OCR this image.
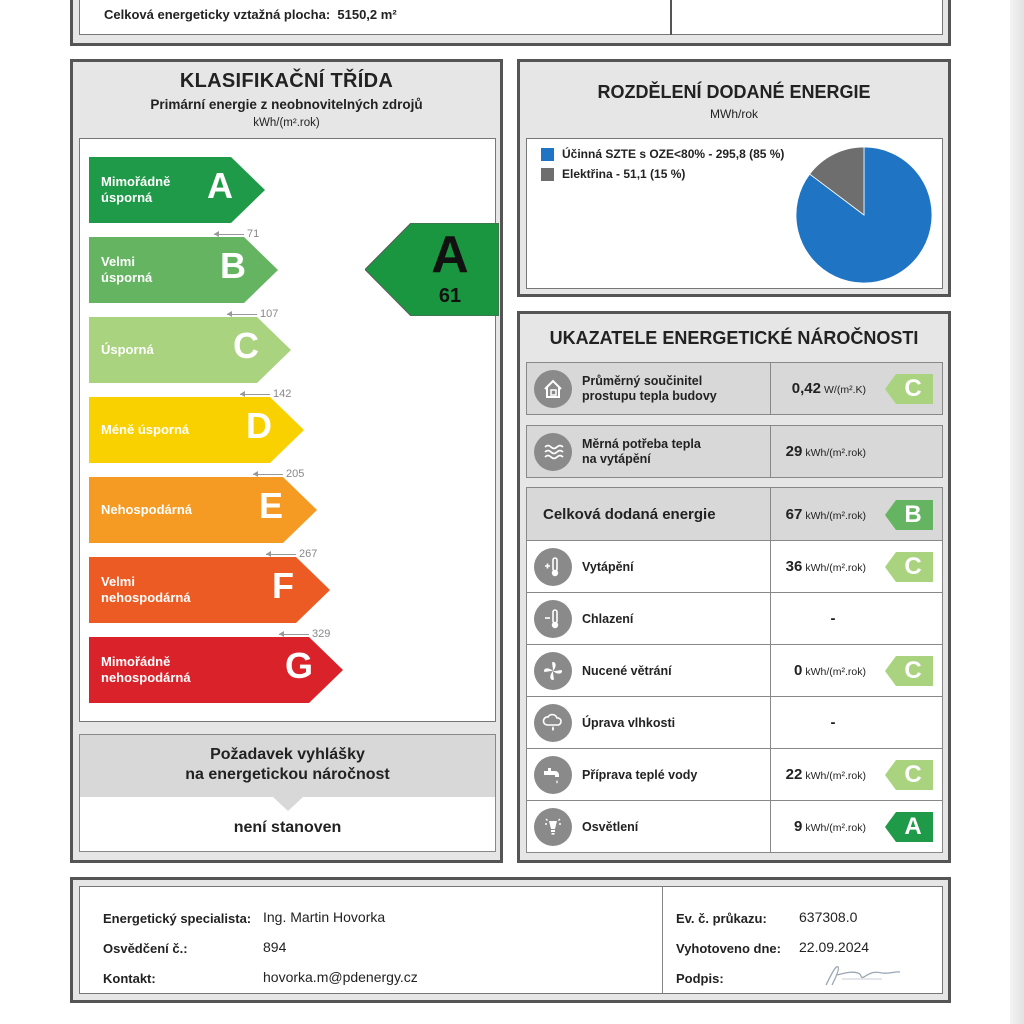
Celková energeticky vztažná plocha: 5150,2 m²
KLASIFIKAČNÍ TŘÍDA
Primární energie z neobnovitelných zdrojů
kWh/(m².rok)
Mimořádně
úsporná	A
71
Velmi
úsporná B
107
Úsporná C
142
Méně úsporná D
205
Nehospodárná E
267
Velmi
nehospodárná F
329
Mimořádně
nehospodárná	G
A
61
Požadavek vyhlášky
na energetickou náročnost
není stanoven
ROZDĚLENÍ DODANÉ ENERGIE
MWh/rok
Účinná SZTE s OZE<80% - 295,8 (85 %)
Elektřina - 51,1 (15 %)
UKAZATELE ENERGETICKÉ NÁROČNOSTI
Průměrný součinitel
prostupu tepla budovy	0,42 W/(m².K) C
Měrná potřeba tepla
na vytápění	29 kWh/(m².rok)
Celková dodaná energie	67 kWh/(m².rok) B
Vytápění	36 kWh/(m².rok) C
Chlazení	-
Nucené větrání	0 kWh/(m².rok) C
Úprava vlhkosti	-
Příprava teplé vody	22 kWh/(m².rok) C
Osvětlení	9 kWh/(m².rok) A
Energetický specialista: Ing. Martin Hovorka
Osvědčení č.:	894
Kontakt:	hovorka.m@pdenergy.cz
Ev. č. průkazu: 637308.0
Vyhotoveno dne: 22.09.2024
Podpis:
